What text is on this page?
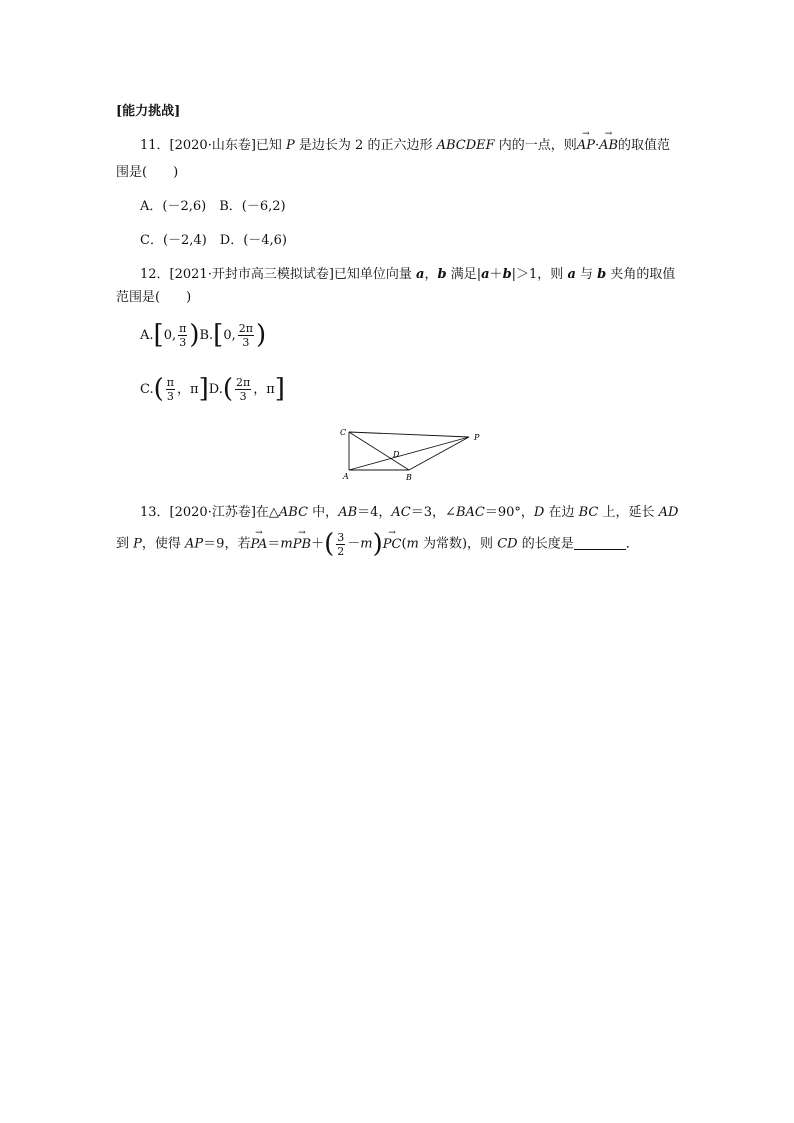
[能力挑战]
11．[2020·山东卷]已知 P 是边长为 2 的正六边形 ABCDEF 内的一点，则→ AP·→ AB的取值范
围是(　　)
A．(－2,6)　B．(－6,2)
C．(－2,4)　D．(－4,6)
12．[2021·开封市高三模拟试卷]已知单位向量 a，b 满足|a＋b|＞1，则 a 与 b 夹角的取值
范围是(　　)
A. [ 0, $\frac{\pi}{3}$ ) B. [ 0, $\frac{2\pi}{3}$ )
C. ( $\frac{\pi}{3}$ ， π ] D. ( $\frac{2\pi}{3}$ ， π ]
C
P
D
A	B
13．[2020·江苏卷]在△ABC 中，AB＝4，AC＝3，∠BAC＝90°，D 在边 BC 上，延长 AD
到 P，使得 AP＝9，若→ $PA=m\to PB+( \frac{3}{2} -m)\to PC(m$ 为常数)，则 CD 的长度是	．
